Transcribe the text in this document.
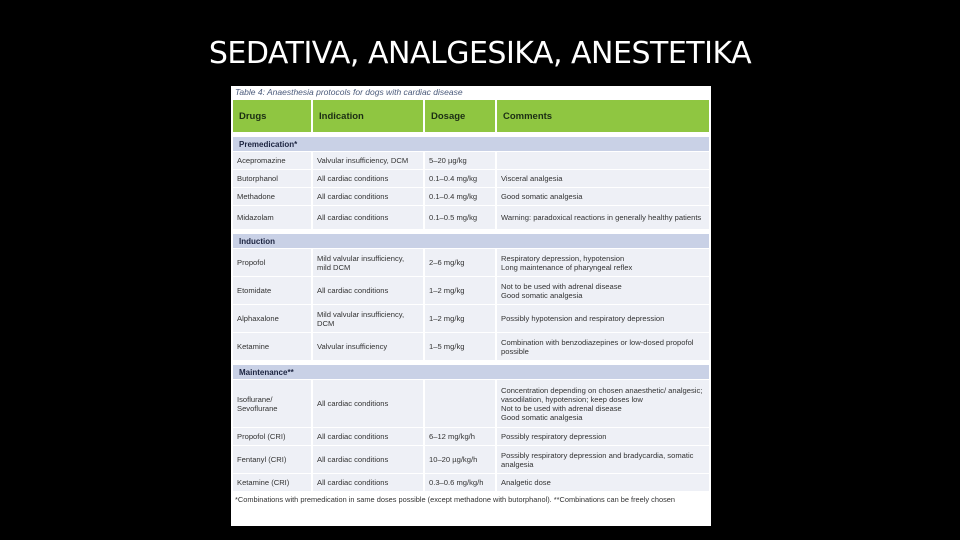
SEDATIVA, ANALGESIKA, ANESTETIKA
Table 4: Anaesthesia protocols for dogs with cardiac disease
Drugs	Indication	Dosage	Comments

Premedication*			
Acepromazine	Valvular insufficiency, DCM	5–20 µg/kg	
Butorphanol	All cardiac conditions	0.1–0.4 mg/kg	Visceral analgesia
Methadone	All cardiac conditions	0.1–0.4 mg/kg	Good somatic analgesia
Midazolam	All cardiac conditions	0.1–0.5 mg/kg	Warning: paradoxical reactions in generally healthy patients

Induction			
Propofol	Mild valvular insufficiency, mild DCM	2–6 mg/kg	Respiratory depression, hypotension
Long maintenance of pharyngeal reflex
Etomidate	All cardiac conditions	1–2 mg/kg	Not to be used with adrenal disease
Good somatic analgesia
Alphaxalone	Mild valvular insufficiency, DCM	1–2 mg/kg	Possibly hypotension and respiratory depression
Ketamine	Valvular insufficiency	1–5 mg/kg	Combination with benzodiazepines or low-dosed propofol possible

Maintenance**			
Isoflurane/ Sevoflurane	All cardiac conditions		Concentration depending on chosen anaesthetic/ analgesic; vasodilation, hypotension; keep doses low
Not to be used with adrenal disease
Good somatic analgesia
Propofol (CRI)	All cardiac conditions	6–12 mg/kg/h	Possibly respiratory depression
Fentanyl (CRI)	All cardiac conditions	10–20 µg/kg/h	Possibly respiratory depression and bradycardia, somatic analgesia
Ketamine (CRI)	All cardiac conditions	0.3–0.6 mg/kg/h	Analgetic dose
*Combinations with premedication in same doses possible (except methadone with butorphanol). **Combinations can be freely chosen
